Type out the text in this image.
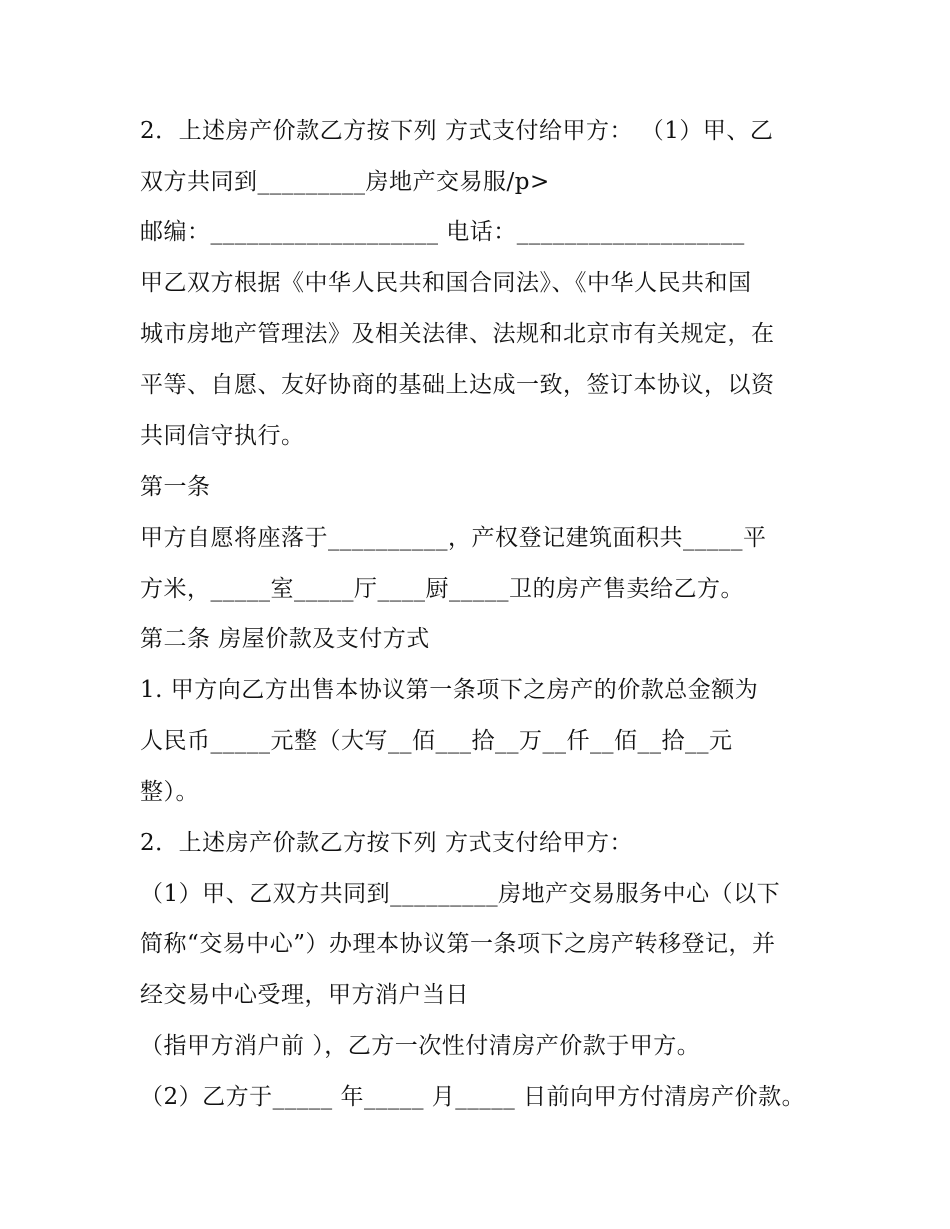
2．上述房产价款乙方按下列 方式支付给甲方： （1）甲、乙
双方共同到_________房地产交易服/p>
邮编：___________________ 电话：___________________
甲乙双方根据《中华人民共和国合同法》、《中华人民共和国
城市房地产管理法》及相关法律、法规和北京市有关规定，在
平等、自愿、友好协商的基础上达成一致，签订本协议，以资
共同信守执行。
第一条
甲方自愿将座落于__________，产权登记建筑面积共_____平
方米，_____室_____厅____厨_____卫的房产售卖给乙方。
第二条 房屋价款及支付方式
1. 甲方向乙方出售本协议第一条项下之房产的价款总金额为
人民币_____元整（大写__佰___拾__万__仟__佰__拾__元
整）。
2．上述房产价款乙方按下列 方式支付给甲方：
（1）甲、乙双方共同到_________房地产交易服务中心（以下
简称“交易中心”）办理本协议第一条项下之房产转移登记，并
经交易中心受理，甲方消户当日
（指甲方消户前 ），乙方一次性付清房产价款于甲方。
（2）乙方于_____ 年_____ 月_____ 日前向甲方付清房产价款。
